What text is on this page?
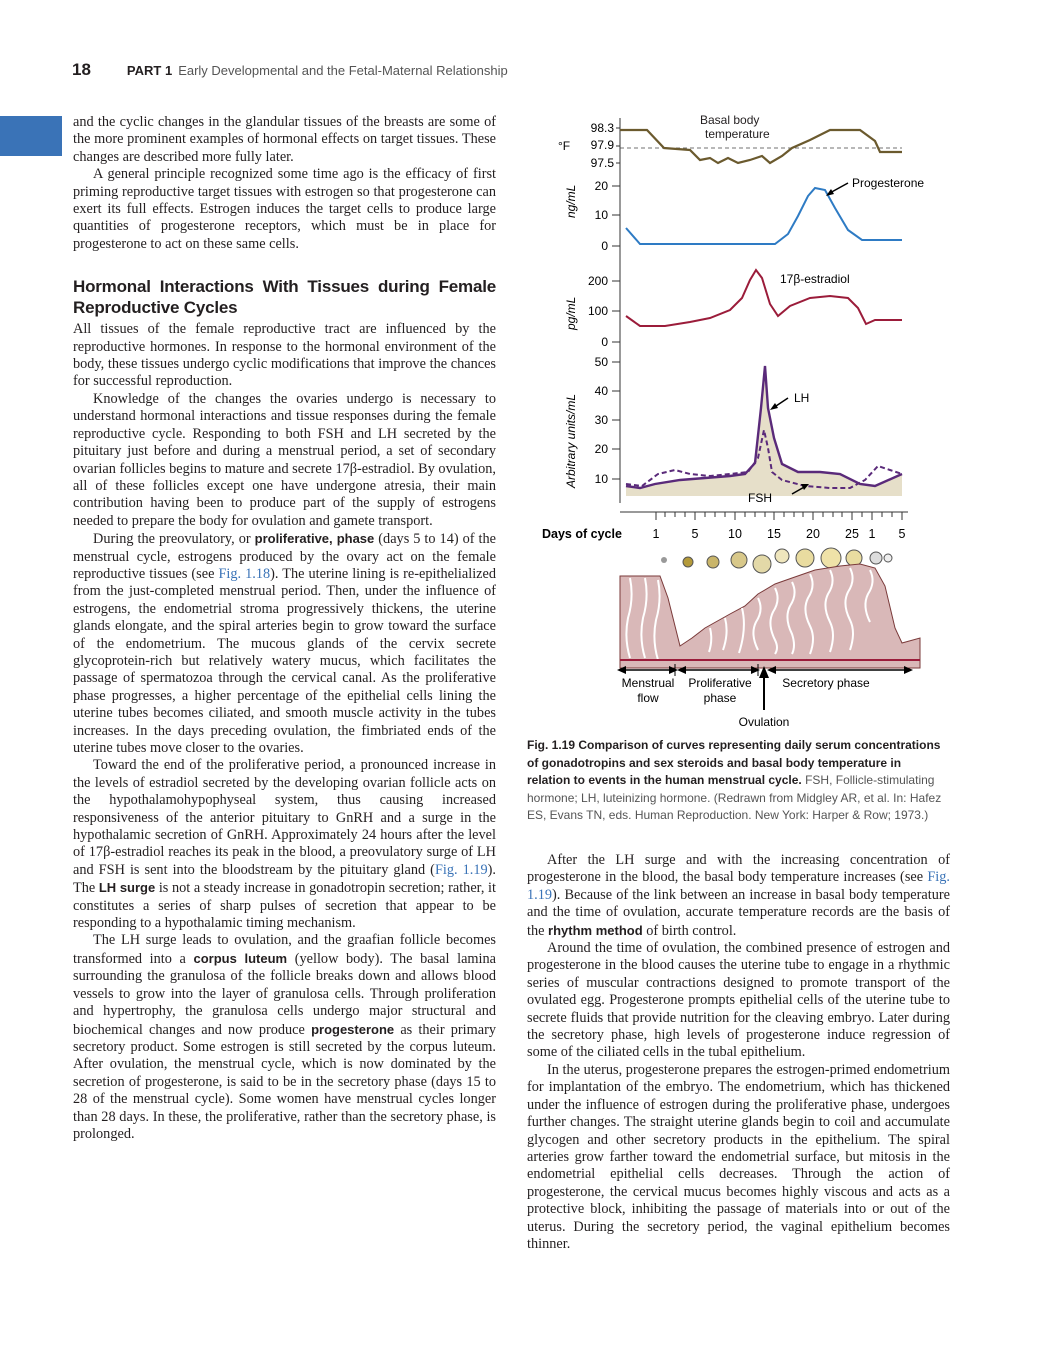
18	PART 1 Early Developmental and the Fetal-Maternal Relationship

and the cyclic changes in the glandular tissues of the breasts are some of the more prominent examples of hormonal effects on target tissues. These changes are described more fully later.

A general principle recognized some time ago is the efficacy of first priming reproductive target tissues with estrogen so that progesterone can exert its full effects. Estrogen induces the target cells to produce large quantities of progesterone receptors, which must be in place for progesterone to act on these same cells.

Hormonal Interactions With Tissues during Female Reproductive Cycles

All tissues of the female reproductive tract are influenced by the reproductive hormones. In response to the hormonal environment of the body, these tissues undergo cyclic modifications that improve the chances for successful reproduction.

Knowledge of the changes the ovaries undergo is necessary to understand hormonal interactions and tissue responses during the female reproductive cycle. Responding to both FSH and LH secreted by the pituitary just before and during a menstrual period, a set of secondary ovarian follicles begins to mature and secrete 17β-estradiol. By ovulation, all of these follicles except one have undergone atresia, their main contribution having been to produce part of the supply of estrogens needed to prepare the body for ovulation and gamete transport.

During the preovulatory, or proliferative, phase (days 5 to 14) of the menstrual cycle, estrogens produced by the ovary act on the female reproductive tissues (see Fig. 1.18). The uterine lining is re-epithelialized from the just-completed menstrual period. Then, under the influence of estrogens, the endometrial stroma progressively thickens, the uterine glands elongate, and the spiral arteries begin to grow toward the surface of the endometrium. The mucous glands of the cervix secrete glycoprotein-rich but relatively watery mucus, which facilitates the passage of spermatozoa through the cervical canal. As the proliferative phase progresses, a higher percentage of the epithelial cells lining the uterine tubes becomes ciliated, and smooth muscle activity in the tubes increases. In the days preceding ovulation, the fimbriated ends of the uterine tubes move closer to the ovaries.

Toward the end of the proliferative period, a pronounced increase in the levels of estradiol secreted by the developing ovarian follicle acts on the hypothalamohypophyseal system, thus causing increased responsiveness of the anterior pituitary to GnRH and a surge in the hypothalamic secretion of GnRH. Approximately 24 hours after the level of 17β-estradiol reaches its peak in the blood, a preovulatory surge of LH and FSH is sent into the bloodstream by the pituitary gland (Fig. 1.19). The LH surge is not a steady increase in gonadotropin secretion; rather, it constitutes a series of sharp pulses of secretion that appear to be responding to a hypothalamic timing mechanism.

The LH surge leads to ovulation, and the graafian follicle becomes transformed into a corpus luteum (yellow body). The basal lamina surrounding the granulosa of the follicle breaks down and allows blood vessels to grow into the layer of granulosa cells. Through proliferation and hypertrophy, the granulosa cells undergo major structural and biochemical changes and now produce progesterone as their primary secretory product. Some estrogen is still secreted by the corpus luteum. After ovulation, the menstrual cycle, which is now dominated by the secretion of progesterone, is said to be in the secretory phase (days 15 to 28 of the menstrual cycle). Some women have menstrual cycles longer than 28 days. In these, the proliferative, rather than the secretory phase, is prolonged.

Basal body
temperature
°F
98.3
97.9
97.5
ng/mL 20
10
0
Progesterone
pg/mL
200
100
0
17β-estradiol
Arbitrary units/mL
50
40
30
20
10
LH
FSH
Days of cycle 1	5 10 15 20 25 1 5
Menstrual
flow
Proliferative
phase
Secretory phase
Ovulation
Fig. 1.19 Comparison of curves representing daily serum concentrations of gonadotropins and sex steroids and basal body temperature in relation to events in the human menstrual cycle. FSH, Follicle-stimulating hormone; LH, luteinizing hormone. (Redrawn from Midgley AR, et al. In: Hafez ES, Evans TN, eds. Human Reproduction. New York: Harper & Row; 1973.)

After the LH surge and with the increasing concentration of progesterone in the blood, the basal body temperature increases (see Fig. 1.19). Because of the link between an increase in basal body temperature and the time of ovulation, accurate temperature records are the basis of the rhythm method of birth control.

Around the time of ovulation, the combined presence of estrogen and progesterone in the blood causes the uterine tube to engage in a rhythmic series of muscular contractions designed to promote transport of the ovulated egg. Progesterone prompts epithelial cells of the uterine tube to secrete fluids that provide nutrition for the cleaving embryo. Later during the secretory phase, high levels of progesterone induce regression of some of the ciliated cells in the tubal epithelium.

In the uterus, progesterone prepares the estrogen-primed endometrium for implantation of the embryo. The endometrium, which has thickened under the influence of estrogen during the proliferative phase, undergoes further changes. The straight uterine glands begin to coil and accumulate glycogen and other secretory products in the epithelium. The spiral arteries grow farther toward the endometrial surface, but mitosis in the endometrial epithelial cells decreases. Through the action of progesterone, the cervical mucus becomes highly viscous and acts as a protective block, inhibiting the passage of materials into or out of the uterus. During the secretory period, the vaginal epithelium becomes thinner.
